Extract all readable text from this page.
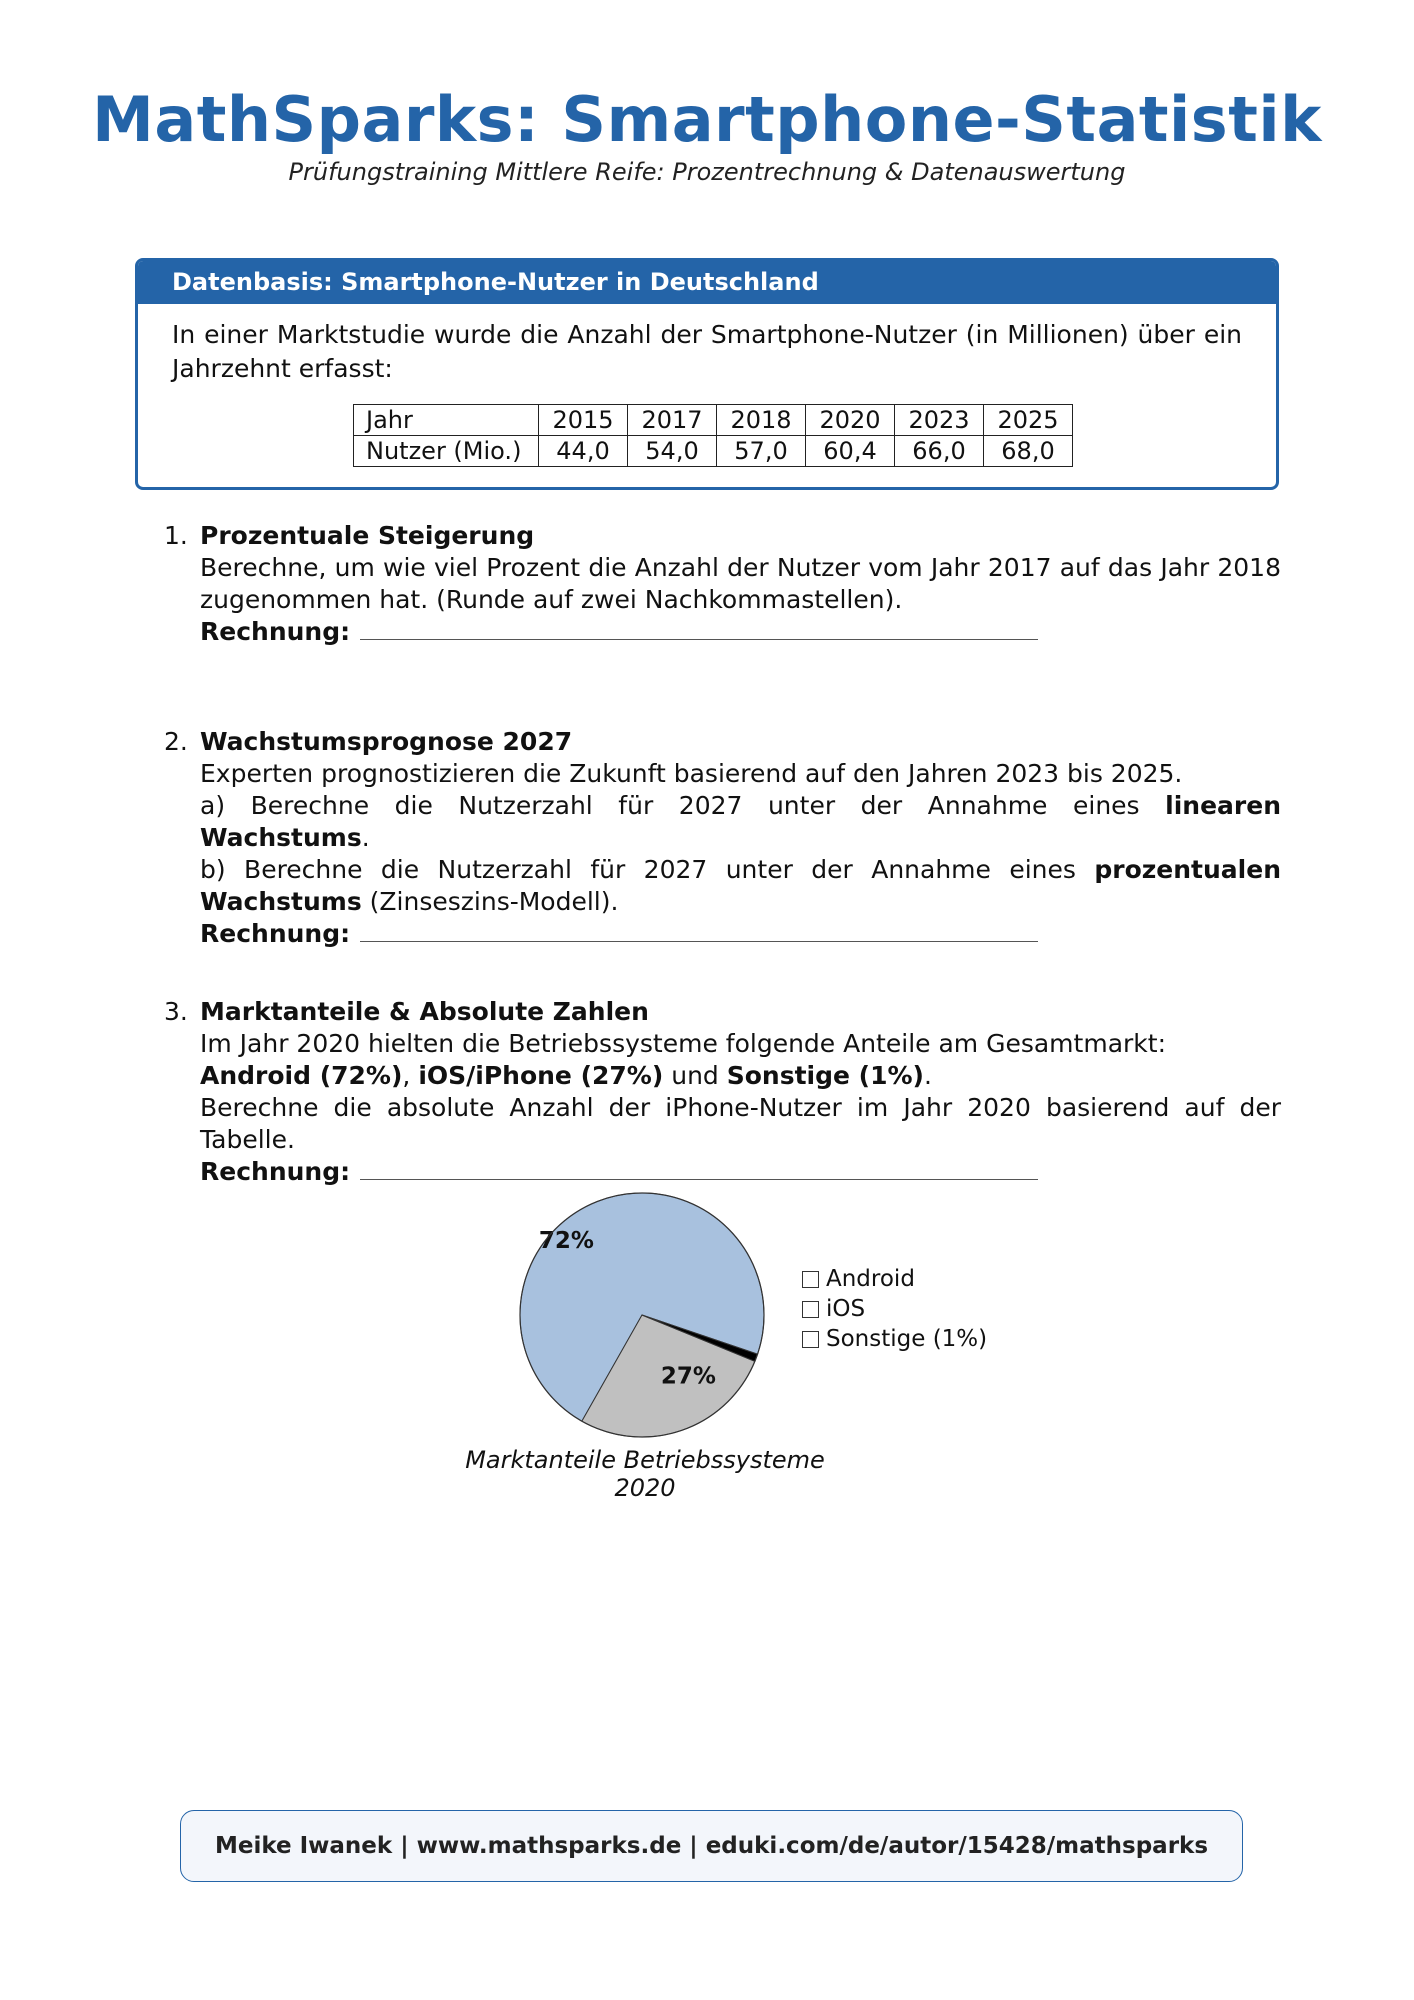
MathSparks: Smartphone-Statistik
Prüfungstraining Mittlere Reife: Prozentrechnung & Datenauswertung
Datenbasis: Smartphone-Nutzer in Deutschland
In einer Marktstudie wurde die Anzahl der Smartphone-Nutzer (in Millionen) über ein Jahrzehnt erfasst:
Jahr	2015	2017	2018	2020	2023	2025
Nutzer (Mio.)	44,0	54,0	57,0	60,4	66,0	68,0
1. Prozentuale Steigerung
Berechne, um wie viel Prozent die Anzahl der Nutzer vom Jahr 2017 auf das Jahr 2018 zugenommen hat. (Runde auf zwei Nachkommastellen).
Rechnung:
2. Wachstumsprognose 2027
Experten prognostizieren die Zukunft basierend auf den Jahren 2023 bis 2025.
a) Berechne die Nutzerzahl für 2027 unter der Annahme eines linearen Wachstums.
b) Berechne die Nutzerzahl für 2027 unter der Annahme eines prozentualen Wachstums (Zinseszins-Modell).
Rechnung:
3. Marktanteile & Absolute Zahlen
Im Jahr 2020 hielten die Betriebssysteme folgende Anteile am Gesamtmarkt:
Android (72%), iOS/iPhone (27%) und Sonstige (1%).
Berechne die absolute Anzahl der iPhone-Nutzer im Jahr 2020 basierend auf der Tabelle.
Rechnung:
72%
27%
Android
iOS
Sonstige (1%)
Marktanteile Betriebssysteme 2020
Meike Iwanek | www.mathsparks.de | eduki.com/de/autor/15428/mathsparks
